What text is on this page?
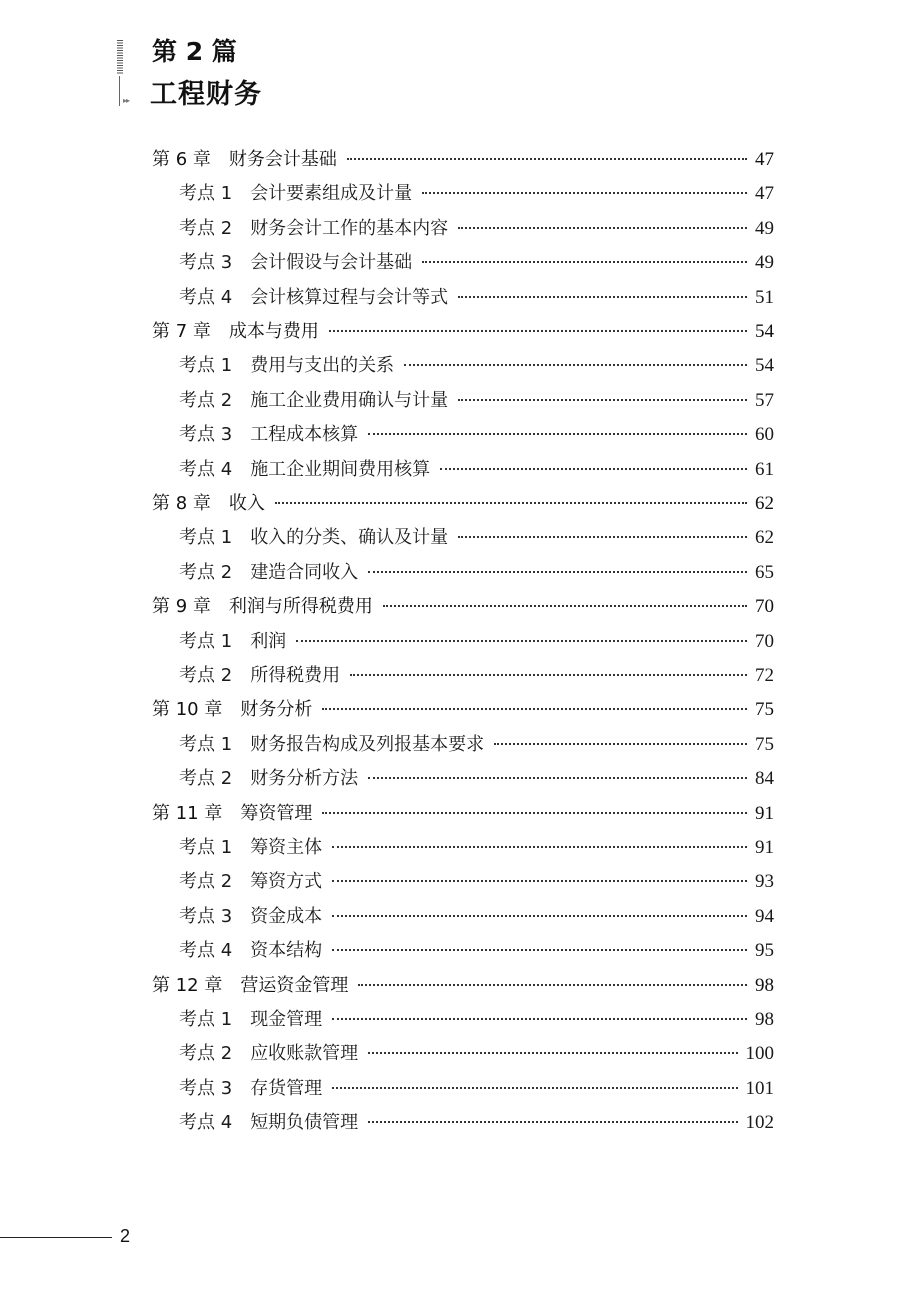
▸▸
第 2 篇
工程财务
第 6 章 财务会计基础	47
考点 1 会计要素组成及计量	47
考点 2 财务会计工作的基本内容	49
考点 3 会计假设与会计基础	49
考点 4 会计核算过程与会计等式	51
第 7 章 成本与费用	54
考点 1 费用与支出的关系	54
考点 2 施工企业费用确认与计量	57
考点 3 工程成本核算	60
考点 4 施工企业期间费用核算	61
第 8 章 收入	62
考点 1 收入的分类、确认及计量	62
考点 2 建造合同收入	65
第 9 章 利润与所得税费用	70
考点 1 利润	70
考点 2 所得税费用	72
第 10 章 财务分析	75
考点 1 财务报告构成及列报基本要求	75
考点 2 财务分析方法	84
第 11 章 筹资管理	91
考点 1 筹资主体	91
考点 2 筹资方式	93
考点 3 资金成本	94
考点 4 资本结构	95
第 12 章 营运资金管理	98
考点 1 现金管理	98
考点 2 应收账款管理	100
考点 3 存货管理	101
考点 4 短期负债管理	102
2
